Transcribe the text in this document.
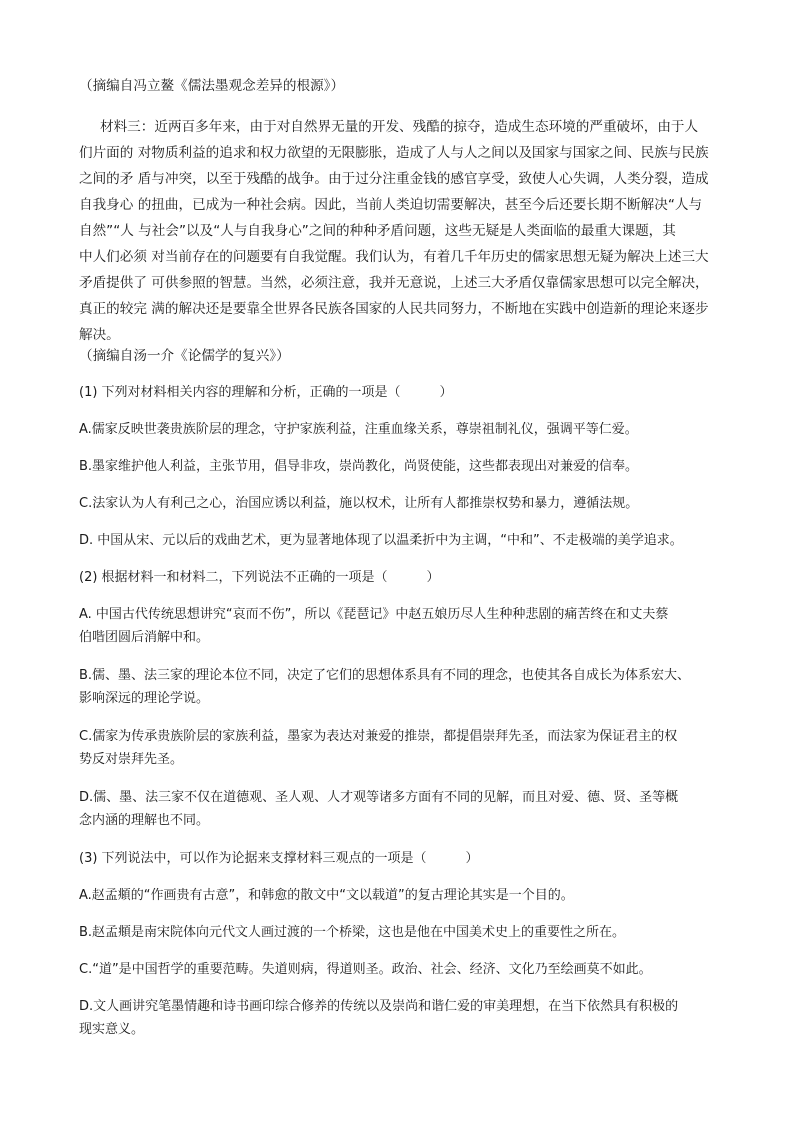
（摘编自冯立鳌《儒法墨观念差异的根源》）
材料三：近两百多年来，由于对自然界无量的开发、残酷的掠夺，造成生态环境的严重破坏，由于人
们片面的 对物质利益的追求和权力欲望的无限膨胀，造成了人与人之间以及国家与国家之间、民族与民族
之间的矛 盾与冲突，以至于残酷的战争。由于过分注重金钱的感官享受，致使人心失调，人类分裂，造成
自我身心 的扭曲，已成为一种社会病。因此，当前人类迫切需要解决，甚至今后还要长期不断解决“人与
自然”“人 与社会”以及“人与自我身心”之间的种种矛盾问题，这些无疑是人类面临的最重大课题，其
中人们必须 对当前存在的问题要有自我觉醒。我们认为，有着几千年历史的儒家思想无疑为解决上述三大
矛盾提供了 可供参照的智慧。当然，必须注意，我并无意说，上述三大矛盾仅靠儒家思想可以完全解决，
真正的较完 满的解决还是要靠全世界各民族各国家的人民共同努力，不断地在实践中创造新的理论来逐步
解决。
（摘编自汤一介《论儒学的复兴》）
(1) 下列对材料相关内容的理解和分析，正确的一项是（　　　）
A.儒家反映世袭贵族阶层的理念，守护家族利益，注重血缘关系，尊崇祖制礼仪，强调平等仁爱。
B.墨家维护他人利益，主张节用，倡导非攻，崇尚教化，尚贤使能，这些都表现出对兼爱的信奉。
C.法家认为人有利己之心，治国应诱以利益，施以权术，让所有人都推崇权势和暴力，遵循法规。
D. 中国从宋、元以后的戏曲艺术，更为显著地体现了以温柔折中为主调，“中和”、不走极端的美学追求。
(2) 根据材料一和材料二，下列说法不正确的一项是（　　　）
A. 中国古代传统思想讲究“哀而不伤”，所以《琵琶记》中赵五娘历尽人生种种悲剧的痛苦终在和丈夫蔡
伯喈团圆后消解中和。
B.儒、墨、法三家的理论本位不同，决定了它们的思想体系具有不同的理念，也使其各自成长为体系宏大、
影响深远的理论学说。
C.儒家为传承贵族阶层的家族利益，墨家为表达对兼爱的推崇，都提倡崇拜先圣，而法家为保证君主的权
势反对崇拜先圣。
D.儒、墨、法三家不仅在道德观、圣人观、人才观等诸多方面有不同的见解，而且对爱、德、贤、圣等概
念内涵的理解也不同。
(3) 下列说法中，可以作为论据来支撑材料三观点的一项是（　　　）
A.赵孟頫的“作画贵有古意”，和韩愈的散文中“文以载道”的复古理论其实是一个目的。
B.赵孟頫是南宋院体向元代文人画过渡的一个桥梁，这也是他在中国美术史上的重要性之所在。
C.“道”是中国哲学的重要范畴。失道则病，得道则圣。政治、社会、经济、文化乃至绘画莫不如此。
D.文人画讲究笔墨情趣和诗书画印综合修养的传统以及崇尚和谐仁爱的审美理想，在当下依然具有积极的
现实意义。
